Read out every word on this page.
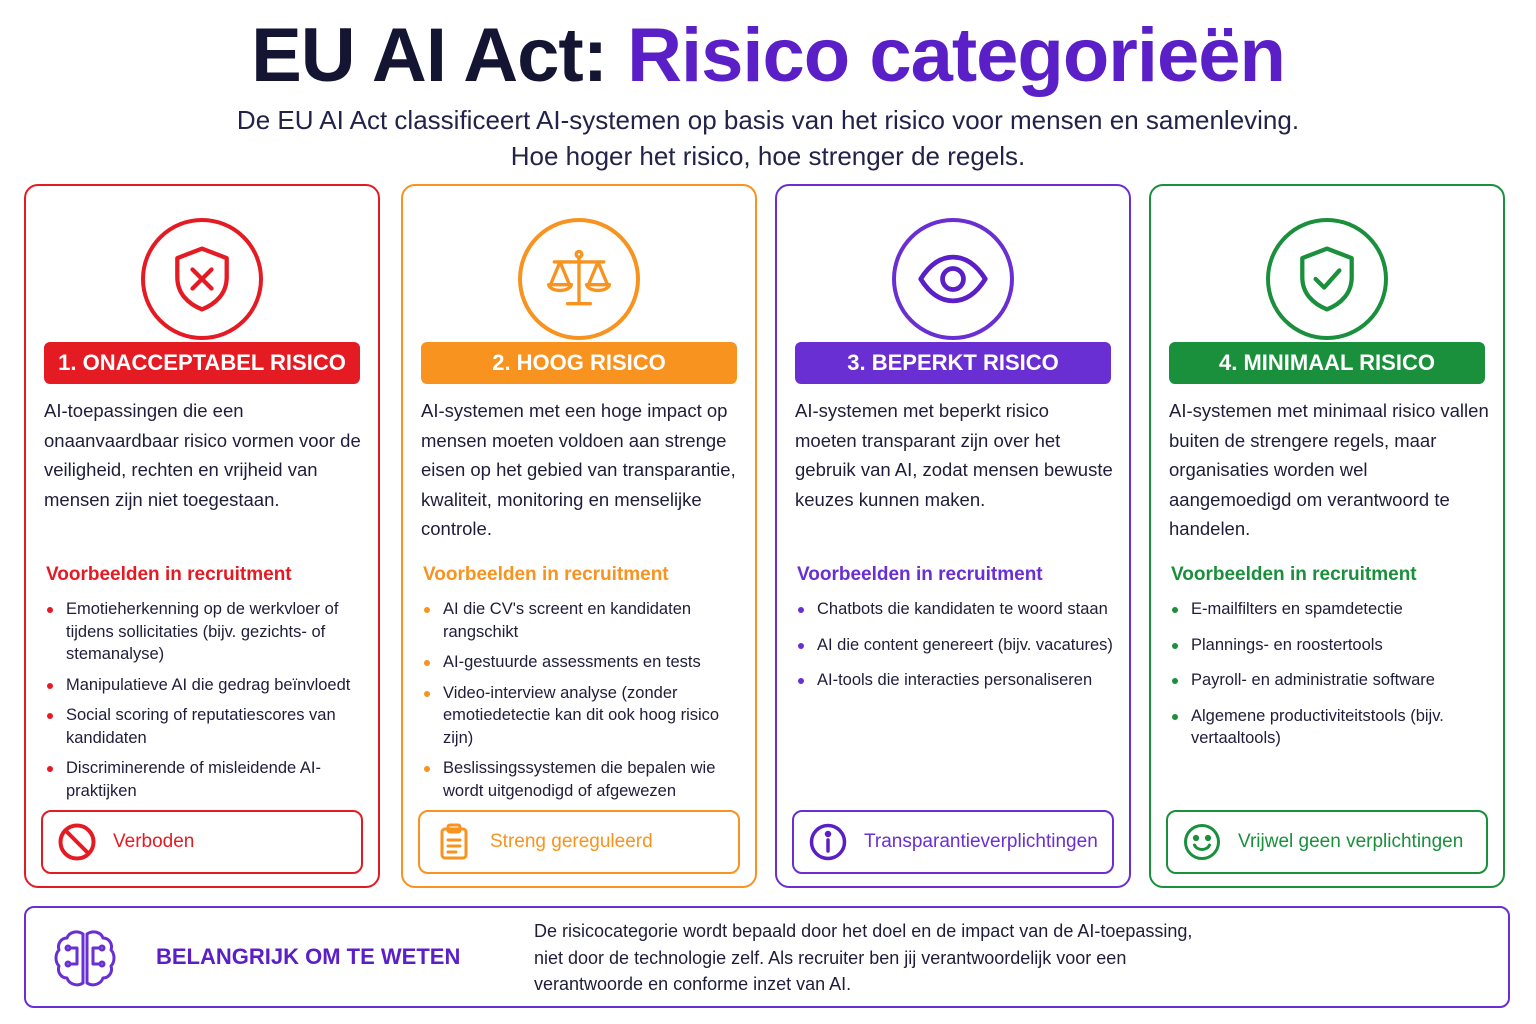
EU AI Act: Risico categorieën
De EU AI Act classificeert AI-systemen op basis van het risico voor mensen en samenleving.
Hoe hoger het risico, hoe strenger de regels.
1. ONACCEPTABEL RISICO
AI-toepassingen die een onaanvaardbaar risico vormen voor de veiligheid, rechten en vrijheid van mensen zijn niet toegestaan.
Voorbeelden in recruitment
Emotieherkenning op de werkvloer of tijdens sollicitaties (bijv. gezichts- of stemanalyse)
Manipulatieve AI die gedrag beïnvloedt
Social scoring of reputatiescores van kandidaten
Discriminerende of misleidende AI-praktijken
Verboden
2. HOOG RISICO
AI-systemen met een hoge impact op mensen moeten voldoen aan strenge eisen op het gebied van transparantie, kwaliteit, monitoring en menselijke controle.
Voorbeelden in recruitment
AI die CV's screent en kandidaten rangschikt
AI-gestuurde assessments en tests
Video-interview analyse (zonder emotiedetectie kan dit ook hoog risico zijn)
Beslissingssystemen die bepalen wie wordt uitgenodigd of afgewezen
Streng gereguleerd
3. BEPERKT RISICO
AI-systemen met beperkt risico moeten transparant zijn over het gebruik van AI, zodat mensen bewuste keuzes kunnen maken.
Voorbeelden in recruitment
Chatbots die kandidaten te woord staan
AI die content genereert (bijv. vacatures)
AI-tools die interacties personaliseren
Transparantieverplichtingen
4. MINIMAAL RISICO
AI-systemen met minimaal risico vallen buiten de strengere regels, maar organisaties worden wel aangemoedigd om verantwoord te handelen.
Voorbeelden in recruitment
E-mailfilters en spamdetectie
Plannings- en roostertools
Payroll- en administratie software
Algemene productiviteitstools (bijv. vertaaltools)
Vrijwel geen verplichtingen
BELANGRIJK OM TE WETEN
De risicocategorie wordt bepaald door het doel en de impact van de AI-toepassing, niet door de technologie zelf. Als recruiter ben jij verantwoordelijk voor een verantwoorde en conforme inzet van AI.
